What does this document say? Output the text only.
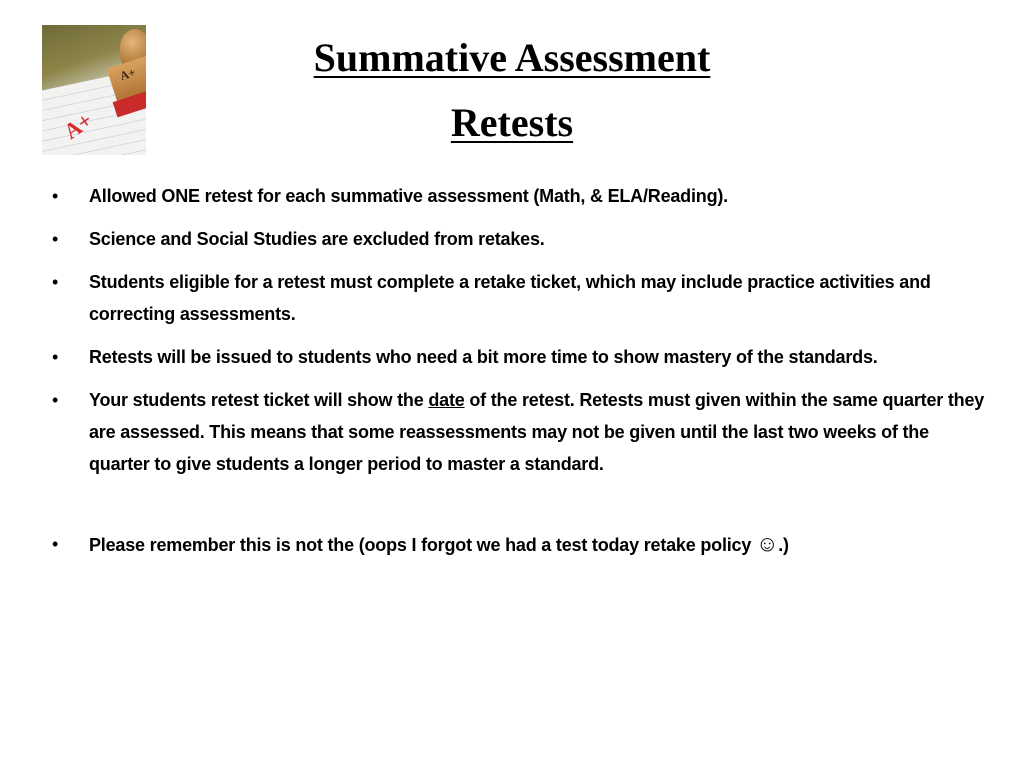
A+
A+
Summative Assessment
Retests
• Allowed ONE retest for each summative assessment (Math, & ELA/Reading).
• Science and Social Studies are excluded from retakes.
• Students eligible for a retest must complete a retake ticket, which may include practice activities and correcting assessments.
• Retests will be issued to students who need a bit more time to show mastery of the standards.
• Your students retest ticket will show the date of the retest. Retests must given within the same quarter they are assessed. This means that some reassessments may not be given until the last two weeks of the quarter to give students a longer period to master a standard.
• Please remember this is not the (oops I forgot we had a test today retake policy ☺.)
